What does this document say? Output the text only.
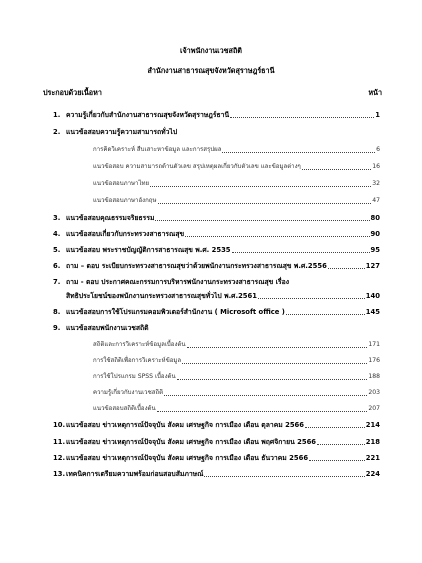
เจ้าพนักงานเวชสถิติ
สำนักงานสาธารณสุขจังหวัดสุราษฎร์ธานี
ประกอบด้วยเนื้อหา	หน้า
1. ความรู้เกี่ยวกับสำนักงานสาธารณสุขจังหวัดสุราษฎร์ธานี	1
2. แนวข้อสอบความรู้ความสามารถทั่วไป
การคิดวิเคราะห์ สืบเสาะหาข้อมูล และการสรุปผล	6
แนวข้อสอบ ความสามารถด้านตัวเลข สรุปเหตุผลเกี่ยวกับตัวเลข และข้อมูลต่างๆ	16
แนวข้อสอบภาษาไทย	32
แนวข้อสอบภาษาอังกฤษ	47
3. แนวข้อสอบคุณธรรมจริยธรรม	80
4. แนวข้อสอบเกี่ยวกับกระทรวงสาธารณสุข	90
5. แนวข้อสอบ พระราชบัญญัติการสาธารณสุข พ.ศ. 2535	95
6. ถาม – ตอบ ระเบียบกระทรวงสาธารณสุขว่าด้วยพนักงานกระทรวงสาธารณสุข พ.ศ.2556	127
7. ถาม - ตอบ ประกาศคณะกรรมการบริหารพนักงานกระทรวงสาธารณสุข เรื่อง
สิทธิประโยชน์ของพนักงานกระทรวงสาธารณสุขทั่วไป พ.ศ.2561	140
8. แนวข้อสอบการใช้โปรแกรมคอมพิวเตอร์สำนักงาน ( Microsoft office )	145
9. แนวข้อสอบพนักงานเวชสถิติ
สถิติและการวิเคราะห์ข้อมูลเบื้องต้น	171
การใช้สถิติเพื่อการวิเคราะห์ข้อมูล	176
การใช้โปรแกรม SPSS เบื้องต้น	188
ความรู้เกี่ยวกับงานเวชสถิติ	203
แนวข้อสอบสถิติเบื้องต้น	207
10. แนวข้อสอบ ข่าวเหตุการณ์ปัจจุบัน สังคม เศรษฐกิจ การเมือง เดือน ตุลาคม 2566	214
11. แนวข้อสอบ ข่าวเหตุการณ์ปัจจุบัน สังคม เศรษฐกิจ การเมือง เดือน พฤศจิกายน 2566	218
12. แนวข้อสอบ ข่าวเหตุการณ์ปัจจุบัน สังคม เศรษฐกิจ การเมือง เดือน ธันวาคม 2566	221
13. เทคนิคการเตรียมความพร้อมก่อนสอบสัมภาษณ์	224
